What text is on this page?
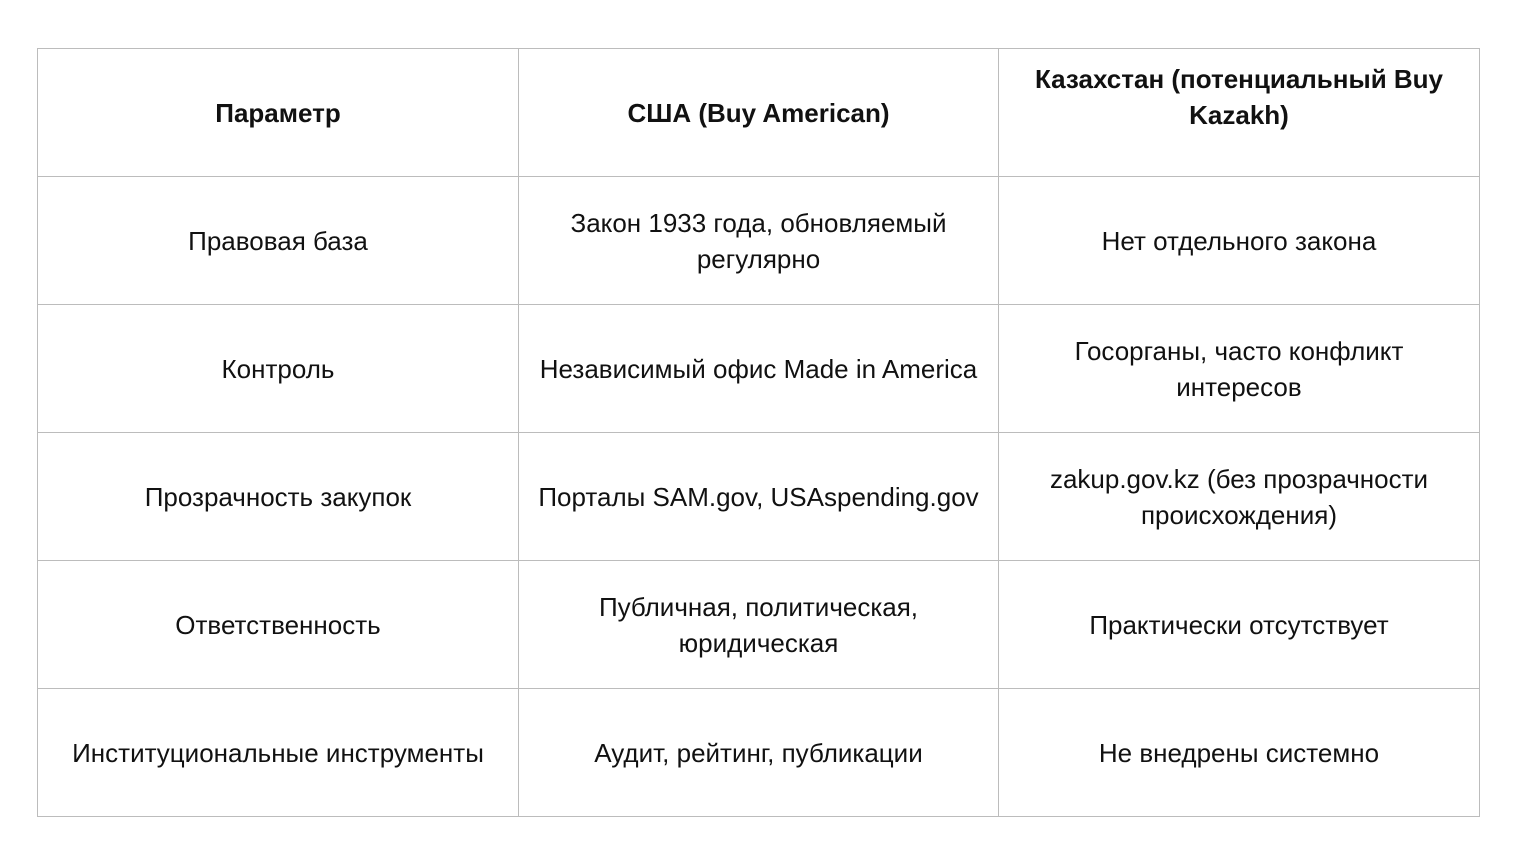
Параметр	США (Buy American)	Казахстан (потенциальный Buy Kazakh)
Правовая база	Закон 1933 года, обновляемый регулярно	Нет отдельного закона
Контроль	Независимый офис Made in America	Госорганы, часто конфликт интересов
Прозрачность закупок	Порталы SAM.gov, USAspending.gov	zakup.gov.kz (без прозрачности происхождения)
Ответственность	Публичная, политическая, юридическая	Практически отсутствует
Институциональные инструменты	Аудит, рейтинг, публикации	Не внедрены системно
